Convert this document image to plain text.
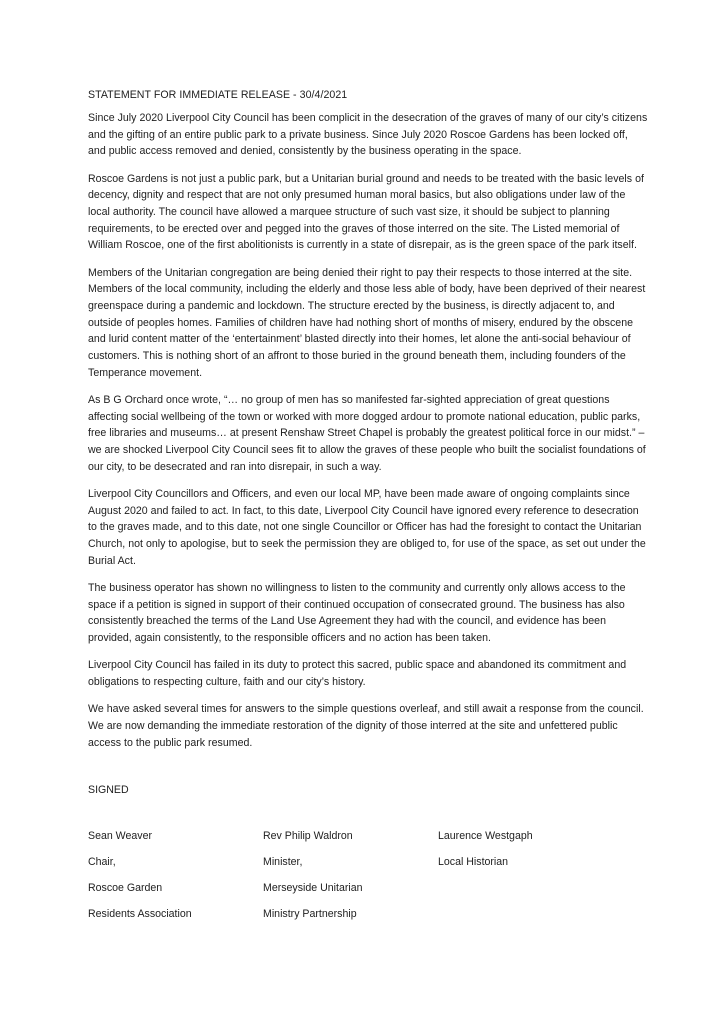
STATEMENT FOR IMMEDIATE RELEASE - 30/4/2021

Since July 2020 Liverpool City Council has been complicit in the desecration of the graves of many of our city’s citizens and the gifting of an entire public park to a private business. Since July 2020 Roscoe Gardens has been locked off, and public access removed and denied, consistently by the business operating in the space.

Roscoe Gardens is not just a public park, but a Unitarian burial ground and needs to be treated with the basic levels of decency, dignity and respect that are not only presumed human moral basics, but also obligations under law of the local authority. The council have allowed a marquee structure of such vast size, it should be subject to planning requirements, to be erected over and pegged into the graves of those interred on the site. The Listed memorial of William Roscoe, one of the first abolitionists is currently in a state of disrepair, as is the green space of the park itself.

Members of the Unitarian congregation are being denied their right to pay their respects to those interred at the site. Members of the local community, including the elderly and those less able of body, have been deprived of their nearest greenspace during a pandemic and lockdown. The structure erected by the business, is directly adjacent to, and outside of peoples homes. Families of children have had nothing short of months of misery, endured by the obscene and lurid content matter of the ‘entertainment’ blasted directly into their homes, let alone the anti-social behaviour of customers. This is nothing short of an affront to those buried in the ground beneath them, including founders of the Temperance movement.

As B G Orchard once wrote, “… no group of men has so manifested far-sighted appreciation of great questions affecting social wellbeing of the town or worked with more dogged ardour to promote national education, public parks, free libraries and museums… at present Renshaw Street Chapel is probably the greatest political force in our midst.” – we are shocked Liverpool City Council sees fit to allow the graves of these people who built the socialist foundations of our city, to be desecrated and ran into disrepair, in such a way.

Liverpool City Councillors and Officers, and even our local MP, have been made aware of ongoing complaints since August 2020 and failed to act. In fact, to this date, Liverpool City Council have ignored every reference to desecration to the graves made, and to this date, not one single Councillor or Officer has had the foresight to contact the Unitarian Church, not only to apologise, but to seek the permission they are obliged to, for use of the space, as set out under the Burial Act.

The business operator has shown no willingness to listen to the community and currently only allows access to the space if a petition is signed in support of their continued occupation of consecrated ground. The business has also consistently breached the terms of the Land Use Agreement they had with the council, and evidence has been provided, again consistently, to the responsible officers and no action has been taken.

Liverpool City Council has failed in its duty to protect this sacred, public space and abandoned its commitment and obligations to respecting culture, faith and our city’s history.

We have asked several times for answers to the simple questions overleaf, and still await a response from the council. We are now demanding the immediate restoration of the dignity of those interred at the site and unfettered public access to the public park resumed.

SIGNED
Sean Weaver
Chair,
Roscoe Garden
Residents Association
Rev Philip Waldron
Minister,
Merseyside Unitarian
Ministry Partnership
Laurence Westgaph
Local Historian
